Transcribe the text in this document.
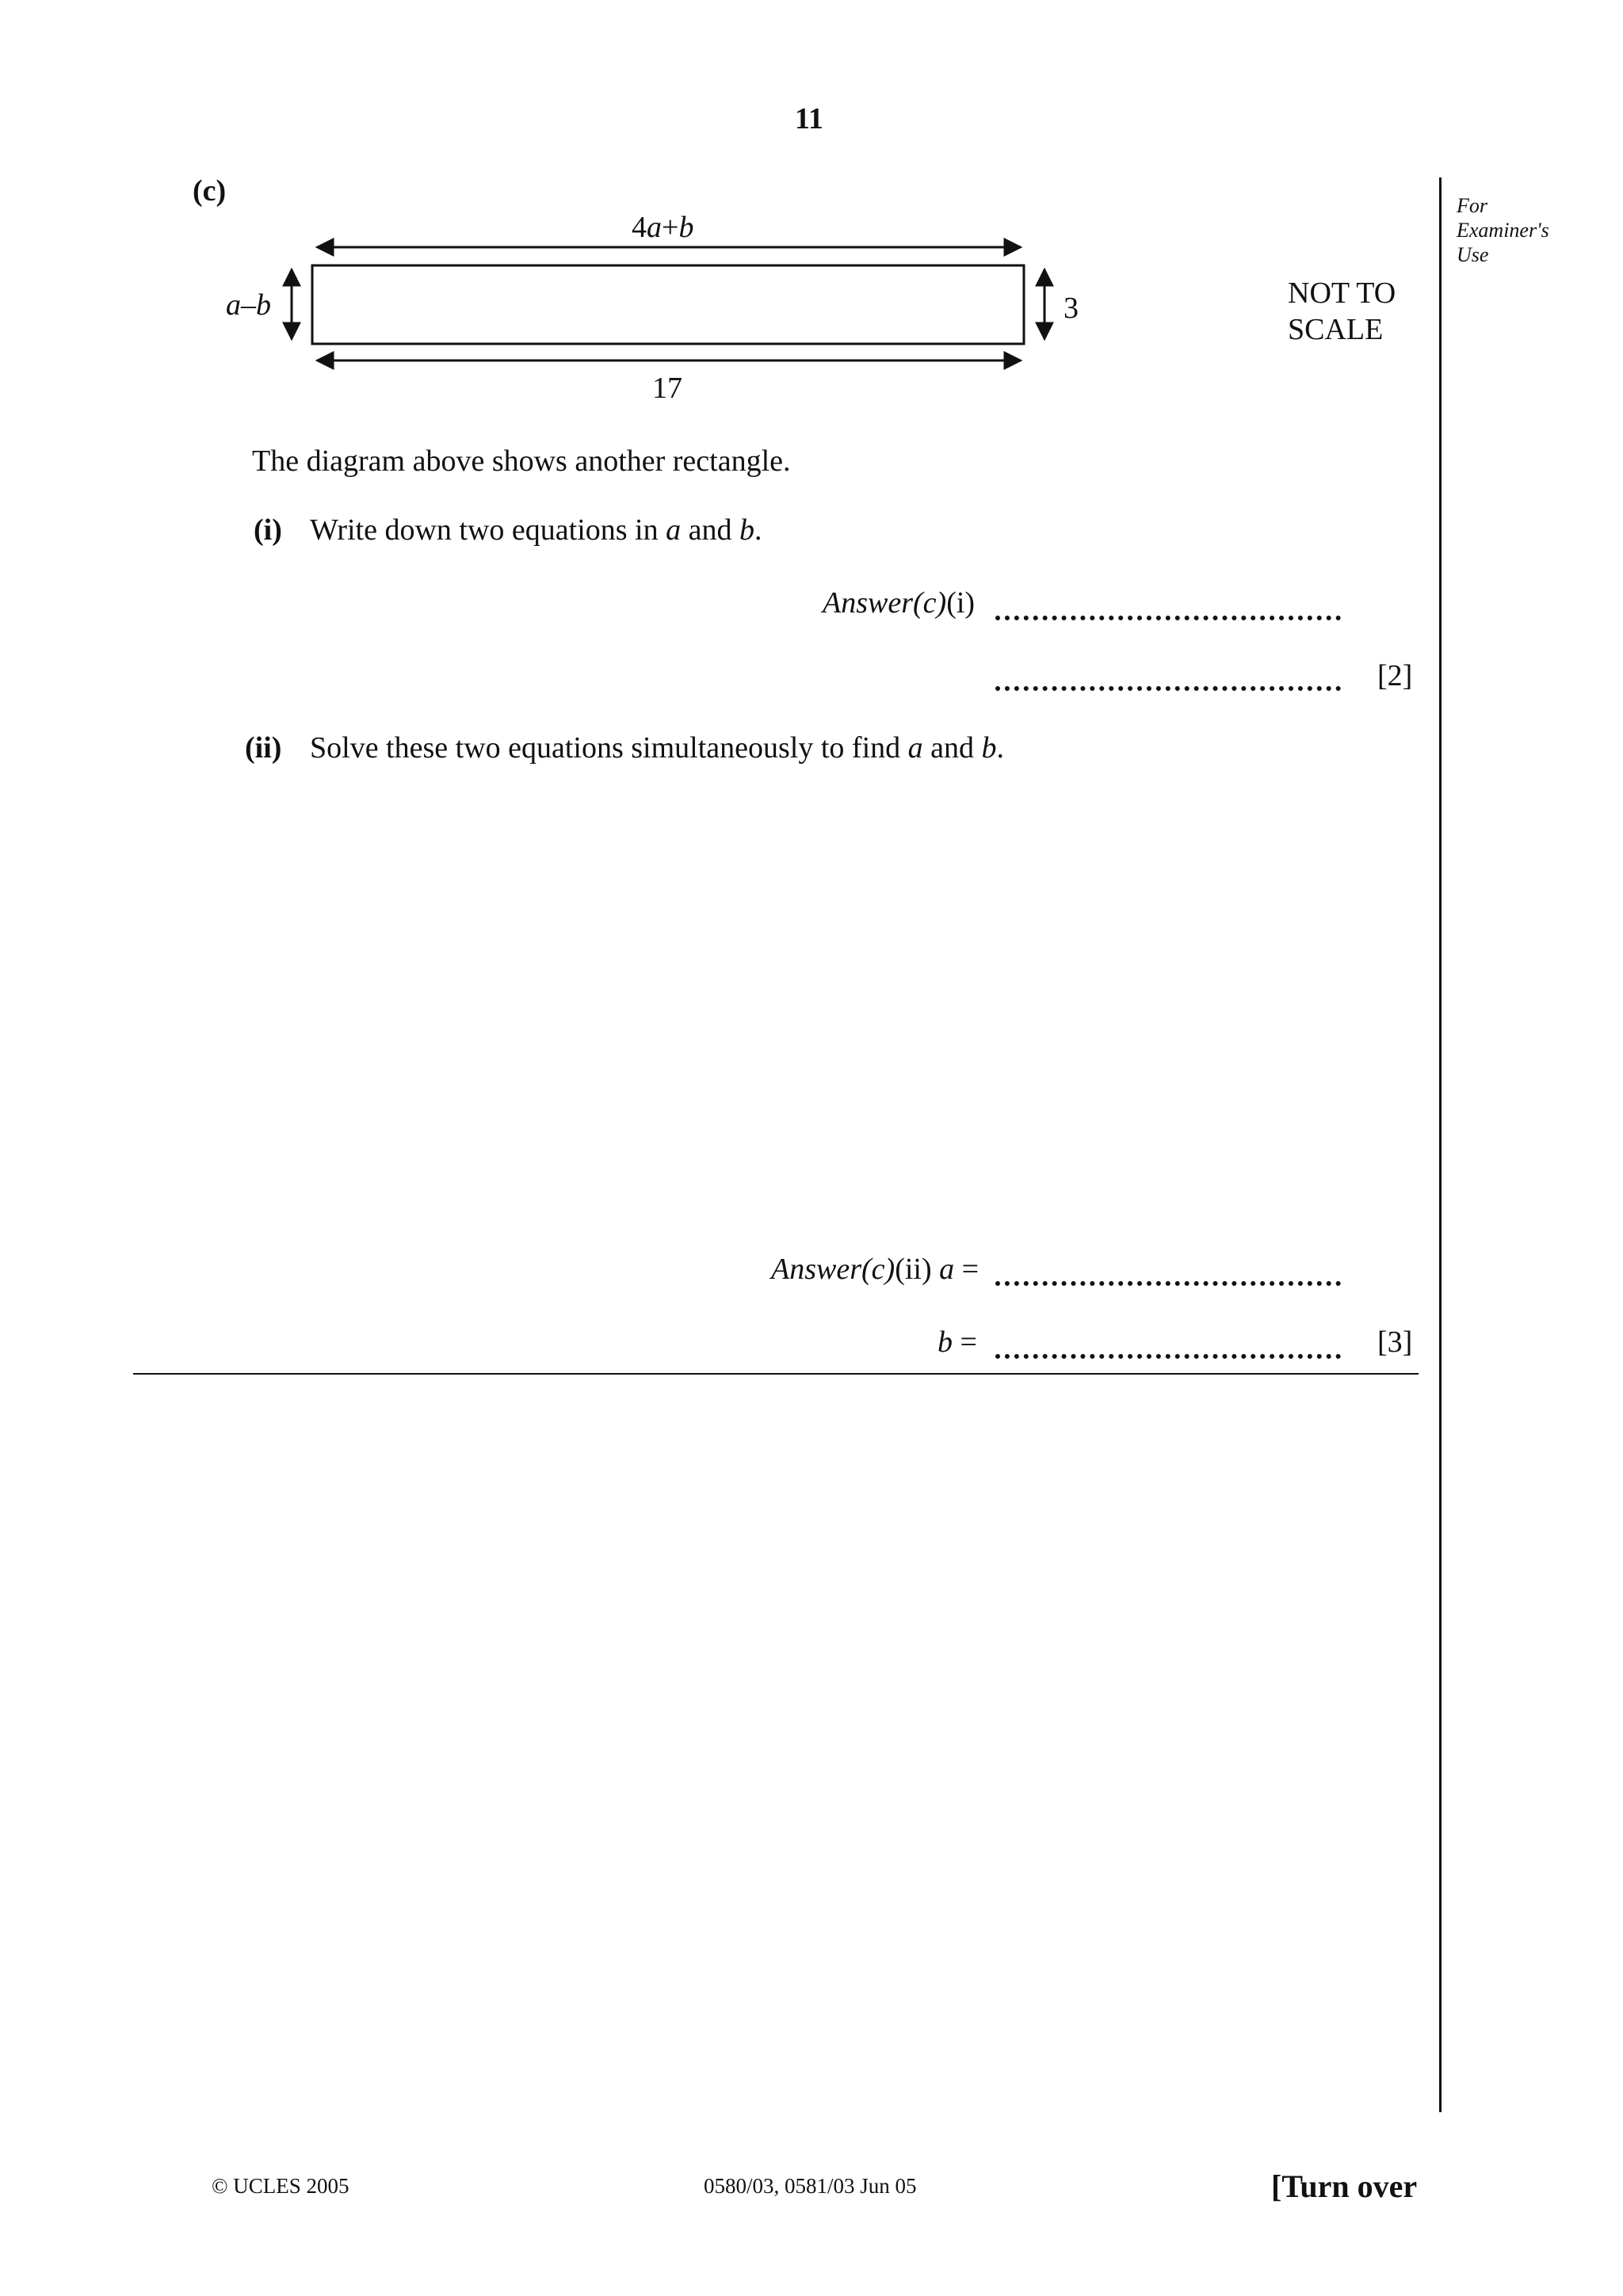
11
For
Examiner's
Use
(c)
4a+b
a–b	3
17
NOT TO
SCALE
The diagram above shows another rectangle.
(i) Write down two equations in a and b.
Answer(c)(i)
[2]
(ii) Solve these two equations simultaneously to find a and b.
Answer(c)(ii) a =
b =	[3]
© UCLES 2005	0580/03, 0581/03 Jun 05	[Turn over
